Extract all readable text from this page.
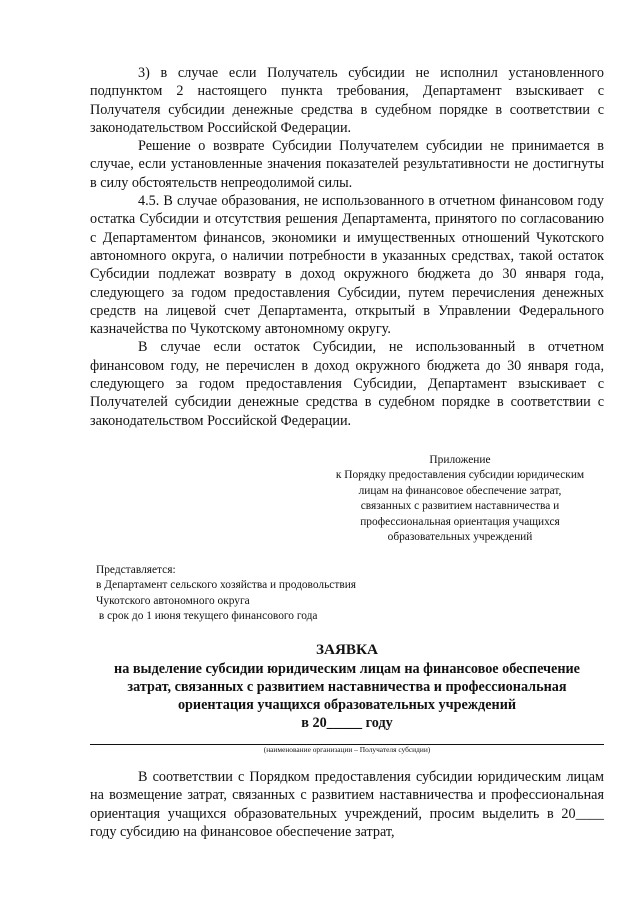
3) в случае если Получатель субсидии не исполнил установленного подпунктом 2 настоящего пункта требования, Департамент взыскивает с Получателя субсидии денежные средства в судебном порядке в соответствии с законодательством Российской Федерации.

Решение о возврате Субсидии Получателем субсидии не принимается в случае, если установленные значения показателей результативности не достигнуты в силу обстоятельств непреодолимой силы.

4.5. В случае образования, не использованного в отчетном финансовом году остатка Субсидии и отсутствия решения Департамента, принятого по согласованию с Департаментом финансов, экономики и имущественных отношений Чукотского автономного округа, о наличии потребности в указанных средствах, такой остаток Субсидии подлежат возврату в доход окружного бюджета до 30 января года, следующего за годом предоставления Субсидии, путем перечисления денежных средств на лицевой счет Департамента, открытый в Управлении Федерального казначейства по Чукотскому автономному округу.

В случае если остаток Субсидии, не использованный в отчетном финансовом году, не перечислен в доход окружного бюджета до 30 января года, следующего за годом предоставления Субсидии, Департамент взыскивает с Получателей субсидии денежные средства в судебном порядке в соответствии с законодательством Российской Федерации.

Приложение
к Порядку предоставления субсидии юридическим
лицам на финансовое обеспечение затрат,
связанных с развитием наставничества и
профессиональная ориентация учащихся
образовательных учреждений
Представляется:
в Департамент сельского хозяйства и продовольствия
Чукотского автономного округа
в срок до 1 июня текущего финансового года
ЗАЯВКА
на выделение субсидии юридическим лицам на финансовое обеспечение
затрат, связанных с развитием наставничества и профессиональная
ориентация учащихся образовательных учреждений
в 20_____ году
(наименование организации – Получателя субсидии)

В соответствии с Порядком предоставления субсидии юридическим лицам на возмещение затрат, связанных с развитием наставничества и профессиональная ориентация учащихся образовательных учреждений, просим выделить в 20____ году субсидию на финансовое обеспечение затрат,
